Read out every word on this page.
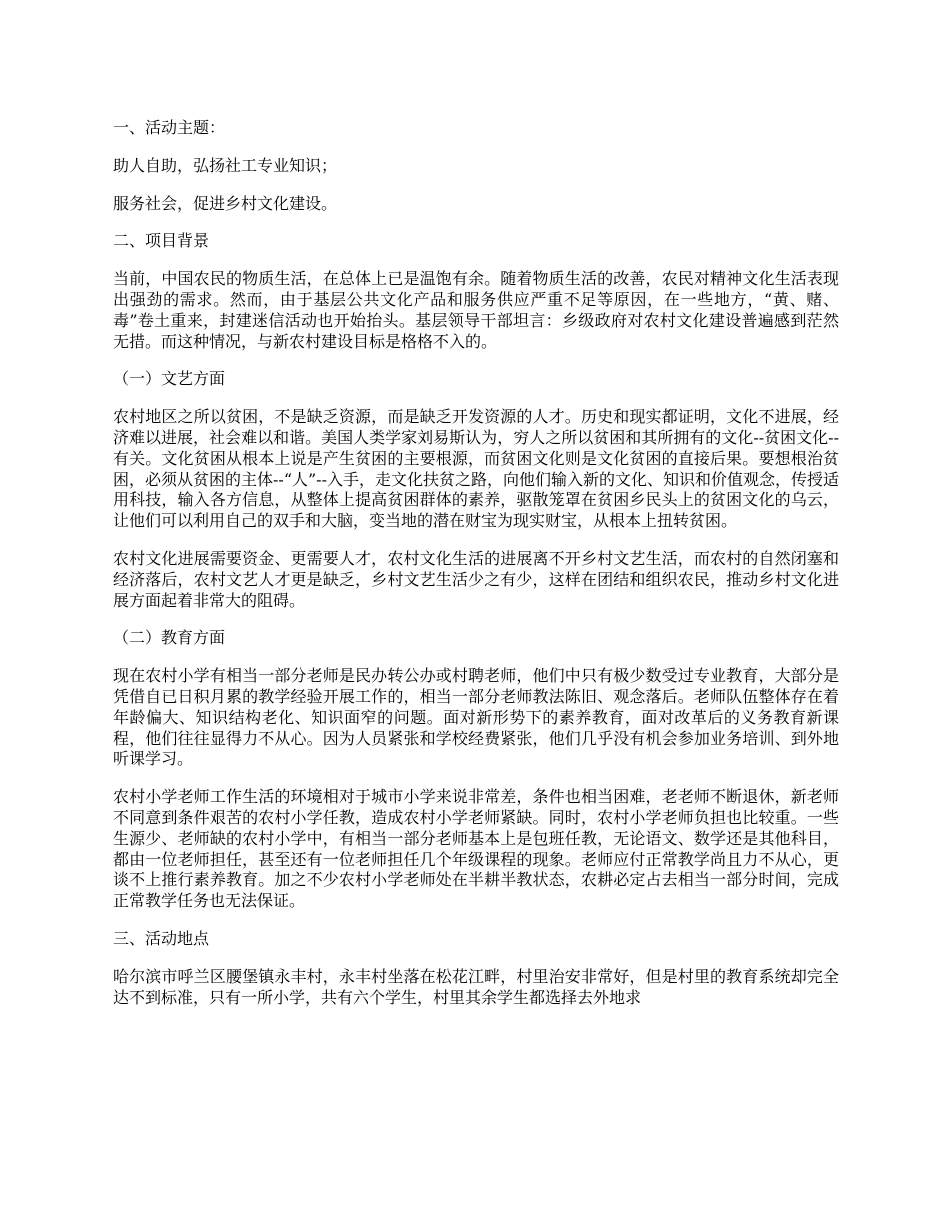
一、活动主题：

助人自助，弘扬社工专业知识；

服务社会，促进乡村文化建设。

二、项目背景

当前，中国农民的物质生活，在总体上已是温饱有余。随着物质生活的改善，农民对精神文化生活表现出强劲的需求。然而，由于基层公共文化产品和服务供应严重不足等原因，在一些地方，“黄、赌、毒”卷土重来，封建迷信活动也开始抬头。基层领导干部坦言：乡级政府对农村文化建设普遍感到茫然无措。而这种情况，与新农村建设目标是格格不入的。

（一）文艺方面

农村地区之所以贫困，不是缺乏资源，而是缺乏开发资源的人才。历史和现实都证明，文化不进展，经济难以进展，社会难以和谐。美国人类学家刘易斯认为，穷人之所以贫困和其所拥有的文化--贫困文化--有关。文化贫困从根本上说是产生贫困的主要根源，而贫困文化则是文化贫困的直接后果。要想根治贫困，必须从贫困的主体--“人”--入手，走文化扶贫之路，向他们输入新的文化、知识和价值观念，传授适用科技，输入各方信息，从整体上提高贫困群体的素养，驱散笼罩在贫困乡民头上的贫困文化的乌云，让他们可以利用自己的双手和大脑，变当地的潜在财宝为现实财宝，从根本上扭转贫困。

农村文化进展需要资金、更需要人才，农村文化生活的进展离不开乡村文艺生活，而农村的自然闭塞和经济落后，农村文艺人才更是缺乏，乡村文艺生活少之有少，这样在团结和组织农民，推动乡村文化进展方面起着非常大的阻碍。

（二）教育方面

现在农村小学有相当一部分老师是民办转公办或村聘老师，他们中只有极少数受过专业教育，大部分是凭借自已日积月累的教学经验开展工作的，相当一部分老师教法陈旧、观念落后。老师队伍整体存在着年龄偏大、知识结构老化、知识面窄的问题。面对新形势下的素养教育，面对改革后的义务教育新课程，他们往往显得力不从心。因为人员紧张和学校经费紧张，他们几乎没有机会参加业务培训、到外地听课学习。

农村小学老师工作生活的环境相对于城市小学来说非常差，条件也相当困难，老老师不断退休，新老师不同意到条件艰苦的农村小学任教，造成农村小学老师紧缺。同时，农村小学老师负担也比较重。一些生源少、老师缺的农村小学中，有相当一部分老师基本上是包班任教，无论语文、数学还是其他科目，都由一位老师担任，甚至还有一位老师担任几个年级课程的现象。老师应付正常教学尚且力不从心，更谈不上推行素养教育。加之不少农村小学老师处在半耕半教状态，农耕必定占去相当一部分时间，完成正常教学任务也无法保证。

三、活动地点

哈尔滨市呼兰区腰堡镇永丰村，永丰村坐落在松花江畔，村里治安非常好，但是村里的教育系统却完全达不到标准，只有一所小学，共有六个学生，村里其余学生都选择去外地求
